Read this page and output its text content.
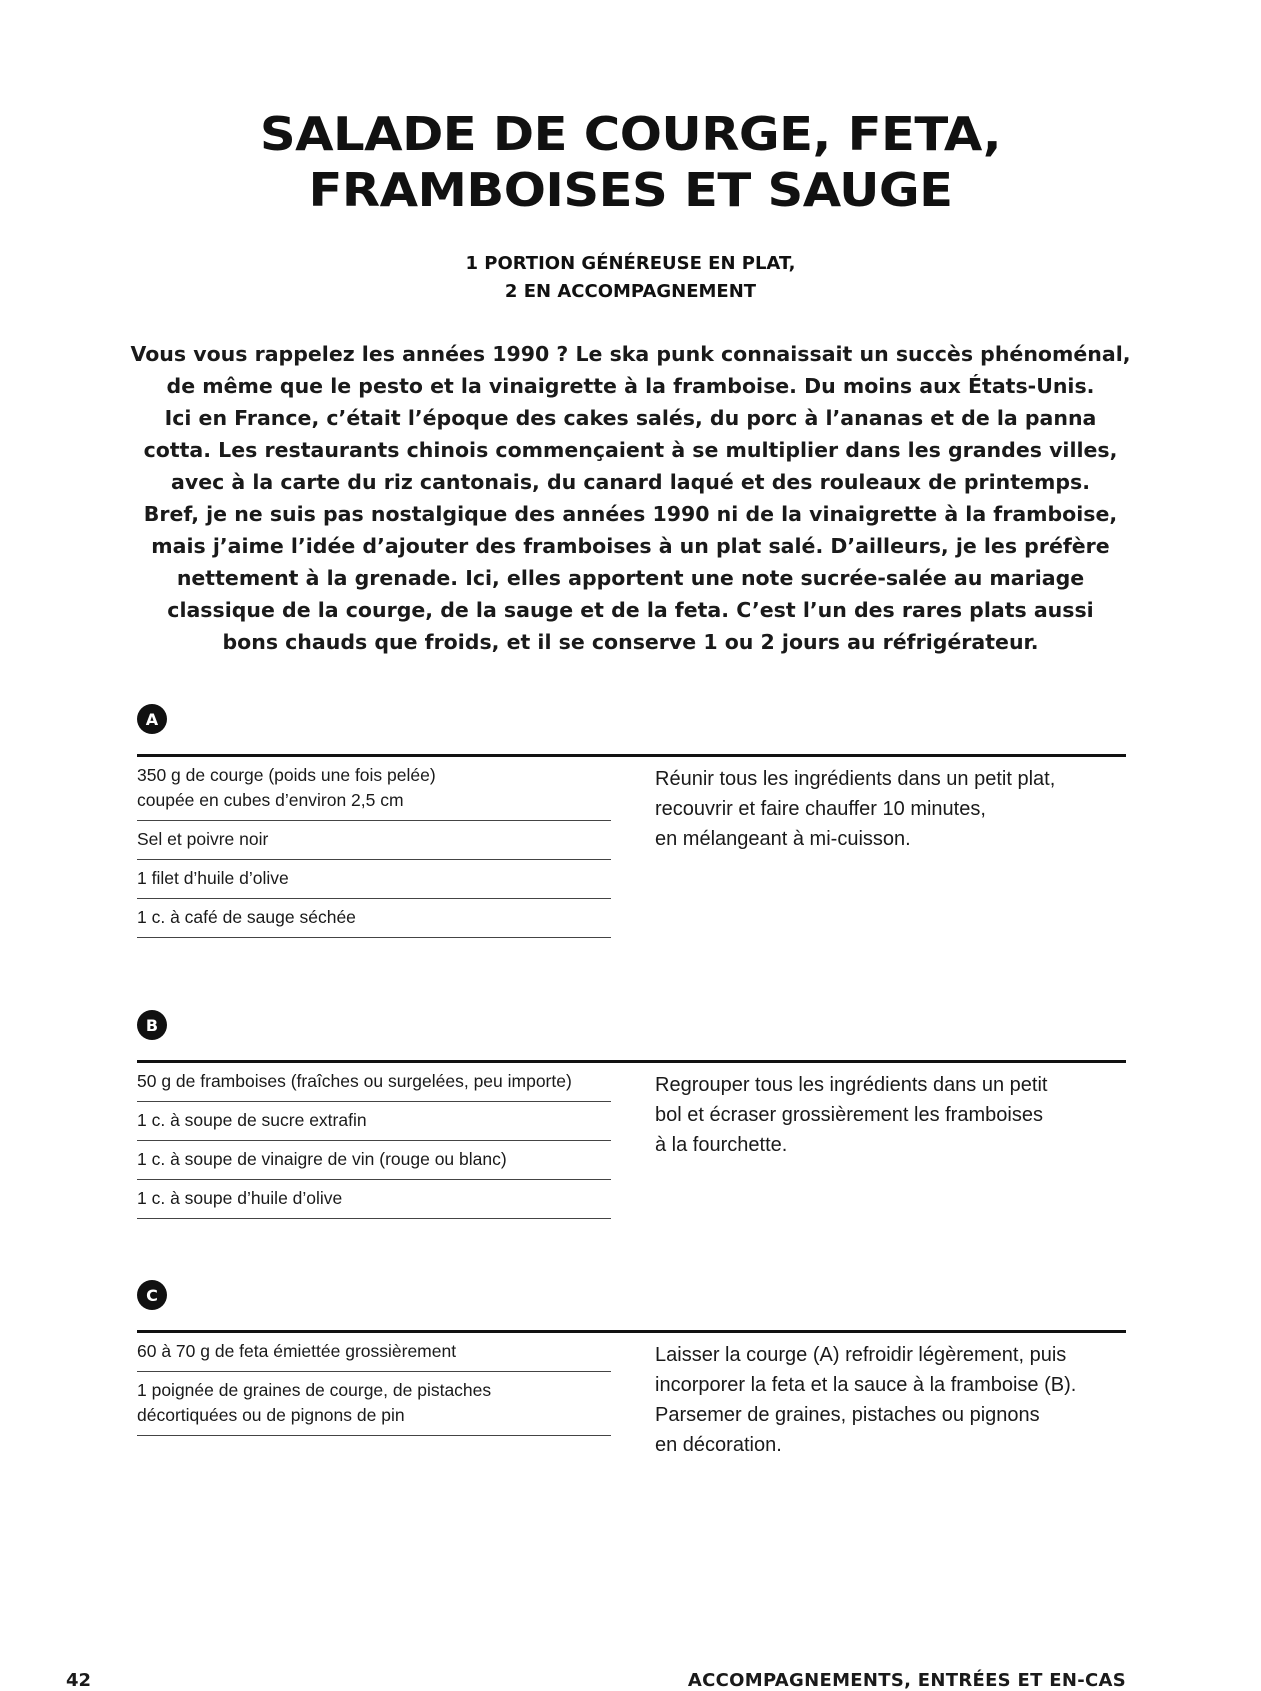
SALADE DE COURGE, FETA,
FRAMBOISES ET SAUGE
1 PORTION GÉNÉREUSE EN PLAT,
2 EN ACCOMPAGNEMENT
Vous vous rappelez les années 1990 ? Le ska punk connaissait un succès phénoménal,
de même que le pesto et la vinaigrette à la framboise. Du moins aux États-Unis.
Ici en France, c’était l’époque des cakes salés, du porc à l’ananas et de la panna
cotta. Les restaurants chinois commençaient à se multiplier dans les grandes villes,
avec à la carte du riz cantonais, du canard laqué et des rouleaux de printemps.
Bref, je ne suis pas nostalgique des années 1990 ni de la vinaigrette à la framboise,
mais j’aime l’idée d’ajouter des framboises à un plat salé. D’ailleurs, je les préfère
nettement à la grenade. Ici, elles apportent une note sucrée-salée au mariage
classique de la courge, de la sauge et de la feta. C’est l’un des rares plats aussi
bons chauds que froids, et il se conserve 1 ou 2 jours au réfrigérateur.
A
350 g de courge (poids une fois pelée)
coupée en cubes d’environ 2,5 cm
Sel et poivre noir
1 filet d’huile d’olive
1 c. à café de sauge séchée
Réunir tous les ingrédients dans un petit plat,
recouvrir et faire chauffer 10 minutes,
en mélangeant à mi-cuisson.
B
50 g de framboises (fraîches ou surgelées, peu importe)
1 c. à soupe de sucre extrafin
1 c. à soupe de vinaigre de vin (rouge ou blanc)
1 c. à soupe d’huile d’olive
Regrouper tous les ingrédients dans un petit
bol et écraser grossièrement les framboises
à la fourchette.
C
60 à 70 g de feta émiettée grossièrement
1 poignée de graines de courge, de pistaches
décortiquées ou de pignons de pin
Laisser la courge (A) refroidir légèrement, puis
incorporer la feta et la sauce à la framboise (B).
Parsemer de graines, pistaches ou pignons
en décoration.
42	ACCOMPAGNEMENTS, ENTRÉES ET EN-CAS
